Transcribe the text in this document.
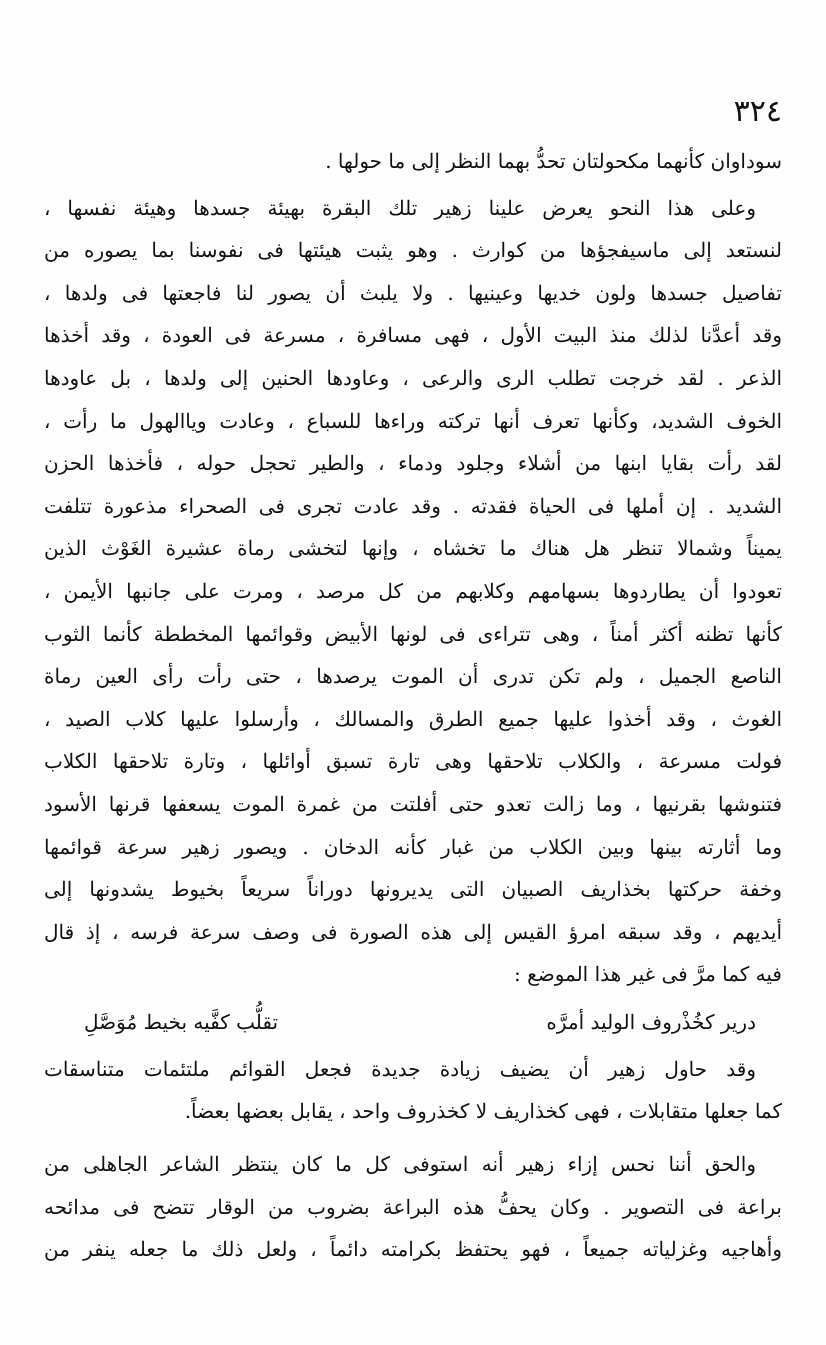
٣٢٤
سوداوان كأنهما مكحولتان تحدُّ بهما النظر إلى ما حولها .
وعلى هذا النحو يعرض علينا زهير تلك البقرة بهيئة جسدها وهيئة نفسها ،
لنستعد إلى ماسيفجؤها من كوارث . وهو يثبت هيئتها فى نفوسنا بما يصوره من
تفاصيل جسدها ولون خديها وعينيها . ولا يلبث أن يصور لنا فاجعتها فى ولدها ،
وقد أعدَّنا لذلك منذ البيت الأول ، فهى مسافرة ، مسرعة فى العودة ، وقد أخذها
الذعر . لقد خرجت تطلب الرى والرعى ، وعاودها الحنين إلى ولدها ، بل عاودها
الخوف الشديد، وكأنها تعرف أنها تركته وراءها للسباع ، وعادت وياالهول ما رأت ،
لقد رأت بقايا ابنها من أشلاء وجلود ودماء ، والطير تحجل حوله ، فأخذها الحزن
الشديد . إن أملها فى الحياة فقدته . وقد عادت تجرى فى الصحراء مذعورة تتلفت
يميناً وشمالا تنظر هل هناك ما تخشاه ، وإنها لتخشى رماة عشيرة الغَوْث الذين
تعودوا أن يطاردوها بسهامهم وكلابهم من كل مرصد ، ومرت على جانبها الأيمن ،
كأنها تظنه أكثر أمناً ، وهى تتراءى فى لونها الأبيض وقوائمها المخططة كأنما الثوب
الناصع الجميل ، ولم تكن تدرى أن الموت يرصدها ، حتى رأت رأى العين رماة
الغوث ، وقد أخذوا عليها جميع الطرق والمسالك ، وأرسلوا عليها كلاب الصيد ،
فولت مسرعة ، والكلاب تلاحقها وهى تارة تسبق أوائلها ، وتارة تلاحقها الكلاب
فتنوشها بقرنيها ، وما زالت تعدو حتى أفلتت من غمرة الموت يسعفها قرنها الأسود
وما أثارته بينها وبين الكلاب من غبار كأنه الدخان . ويصور زهير سرعة قوائمها
وخفة حركتها بخذاريف الصبيان التى يديرونها دوراناً سريعاً بخيوط يشدونها إلى
أيديهم ، وقد سبقه امرؤ القيس إلى هذه الصورة فى وصف سرعة فرسه ، إذ قال
فيه كما مرَّ فى غير هذا الموضع :
درير كخُذْروف الوليد أمرَّه
تقلُّب كفَّيه بخيط مُوَصَّلِ
وقد حاول زهير أن يضيف زيادة جديدة فجعل القوائم ملتئمات متناسقات
كما جعلها متقابلات ، فهى كخذاريف لا كخذروف واحد ، يقابل بعضها بعضاً.
والحق أننا نحس إزاء زهير أنه استوفى كل ما كان ينتظر الشاعر الجاهلى من
براعة فى التصوير . وكان يحفُّ هذه البراعة بضروب من الوقار تتضح فى مدائحه
وأهاجيه وغزلياته جميعاً ، فهو يحتفظ بكرامته دائماً ، ولعل ذلك ما جعله ينفر من
